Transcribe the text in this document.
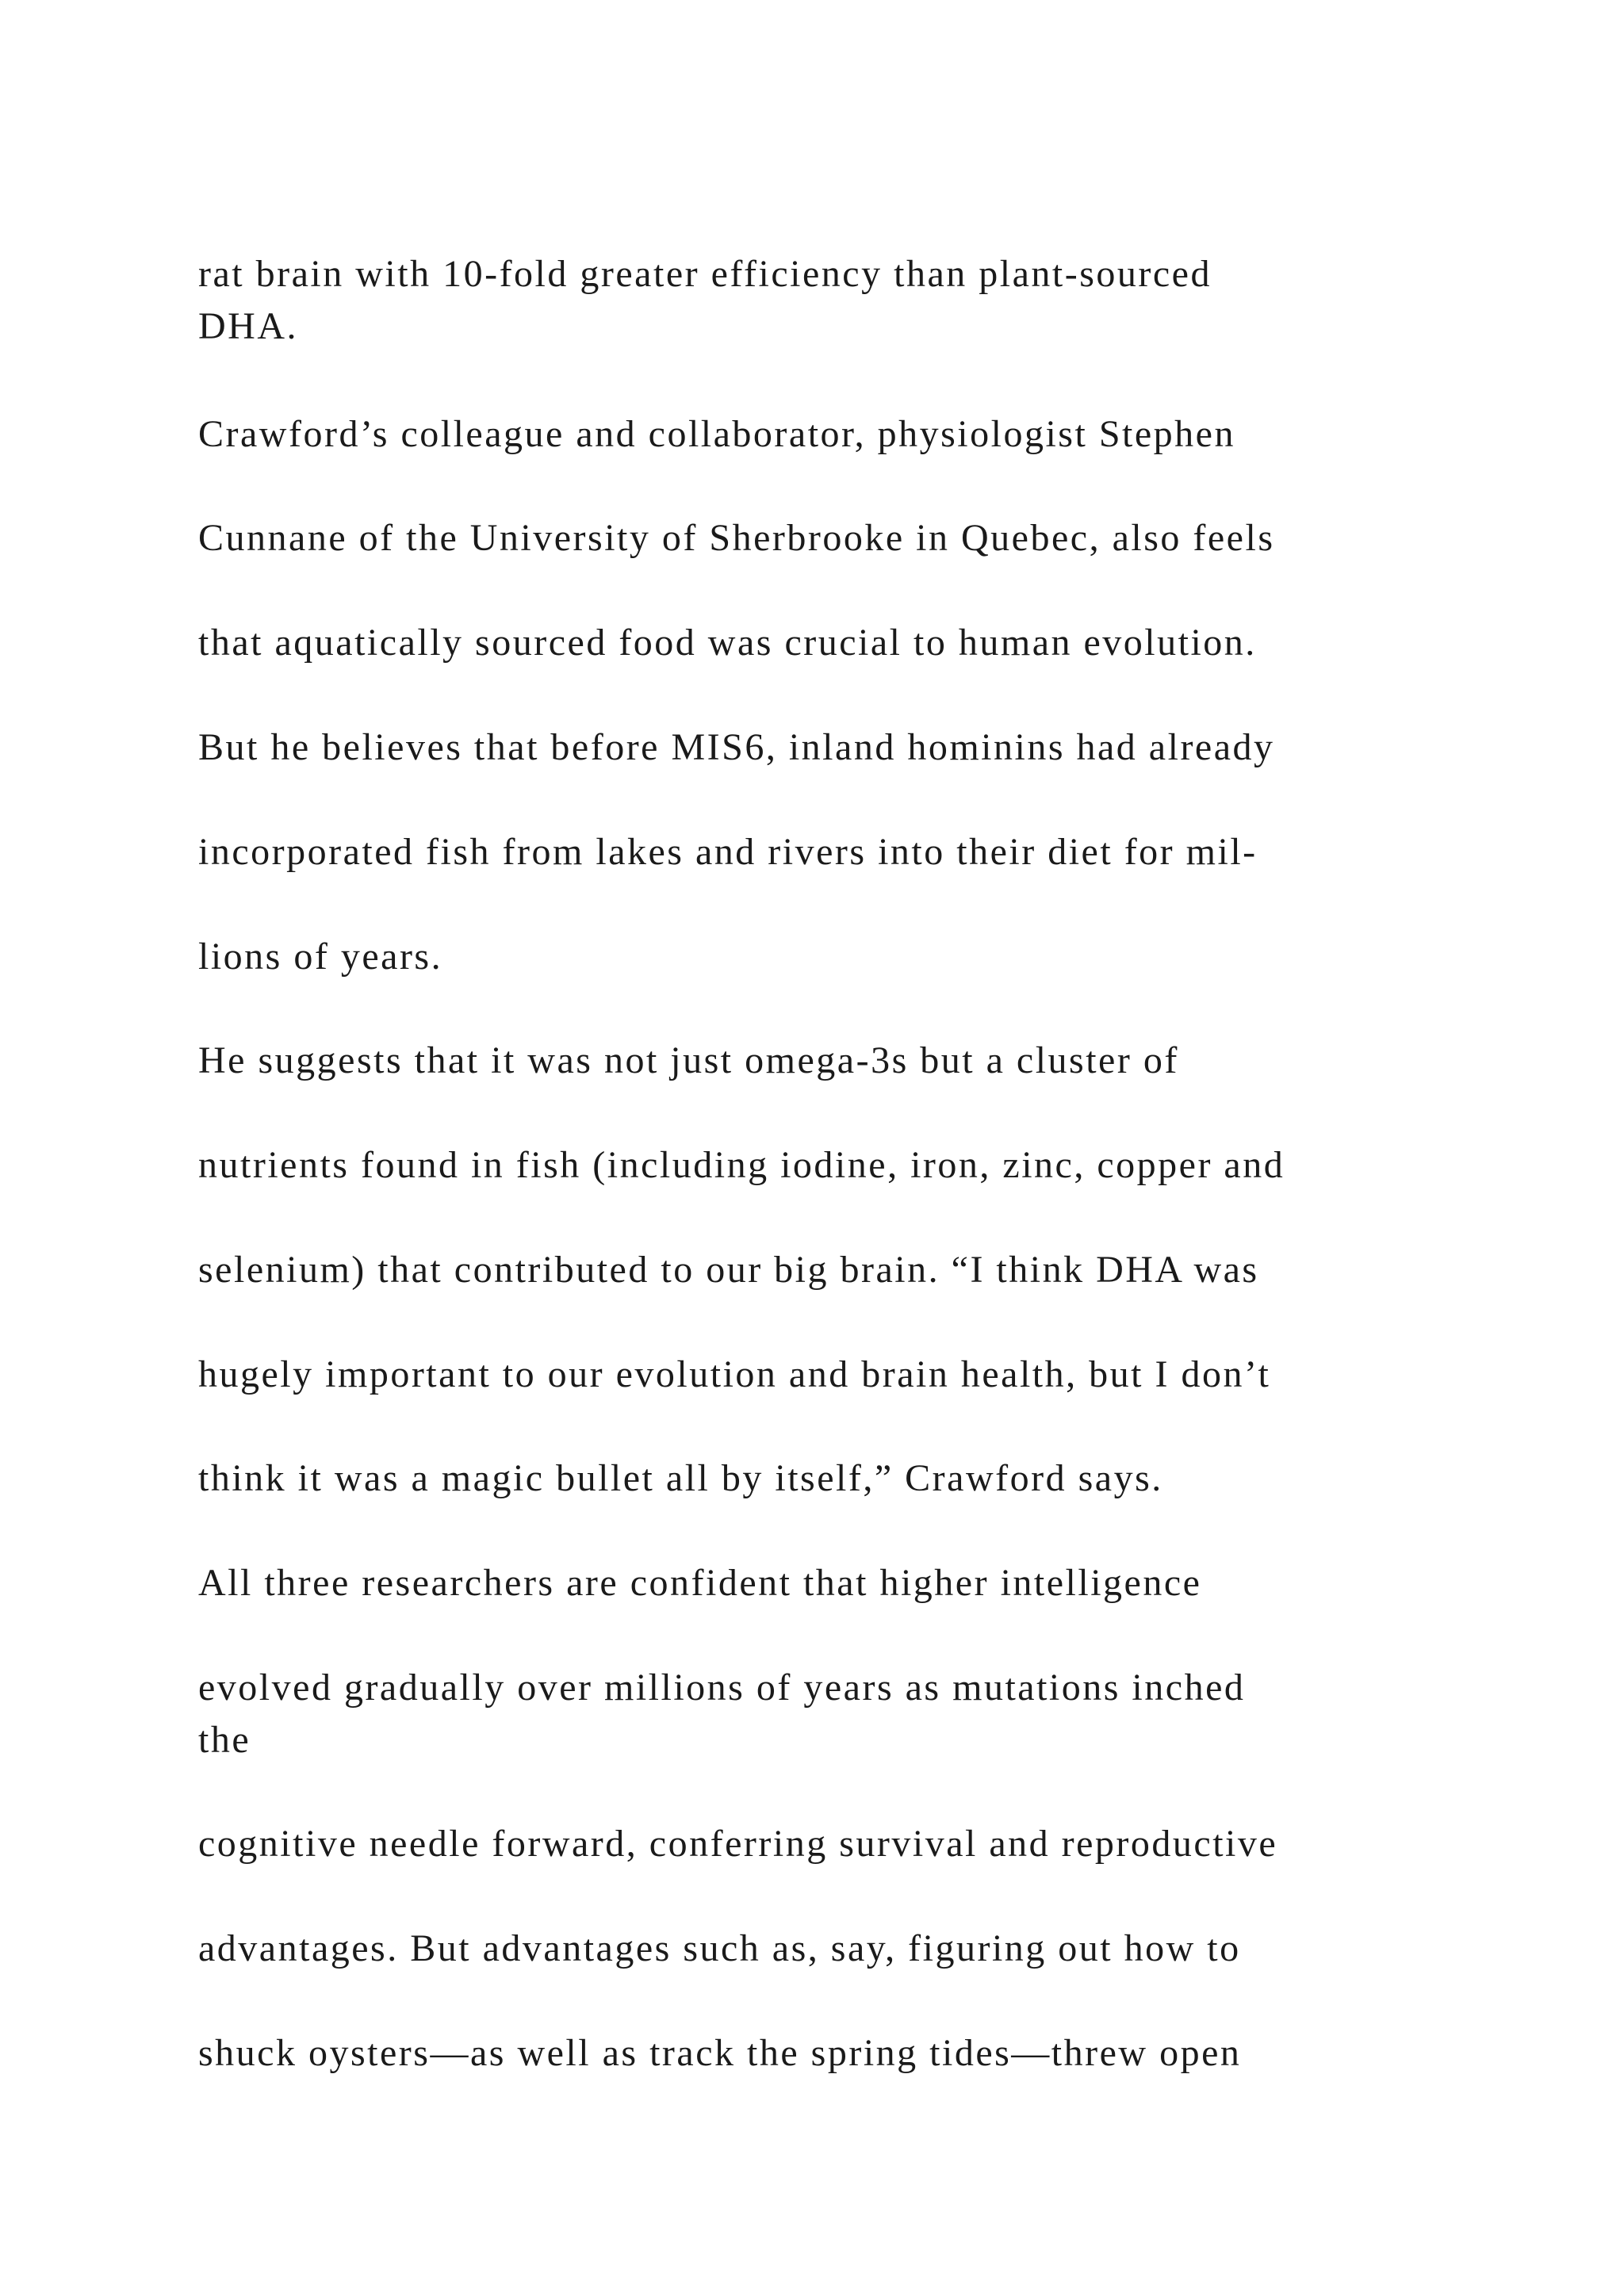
rat brain with 10-fold greater efficiency than plant-sourced

DHA.

Crawford’s colleague and collaborator, physiologist Stephen

Cunnane of the University of Sherbrooke in Quebec, also feels

that aquatically sourced food was crucial to human evolution.

But he believes that before MIS6, inland hominins had already

incorporated fish from lakes and rivers into their diet for mil-

lions of years.

He suggests that it was not just omega-3s but a cluster of

nutrients found in fish (including iodine, iron, zinc, copper and

selenium) that contributed to our big brain. “I think DHA was

hugely important to our evolution and brain health, but I don’t

think it was a magic bullet all by itself,” Crawford says.

All three researchers are confident that higher intelligence

evolved gradually over millions of years as mutations inched

the

cognitive needle forward, conferring survival and reproductive

advantages. But advantages such as, say, figuring out how to

shuck oysters—as well as track the spring tides—threw open
